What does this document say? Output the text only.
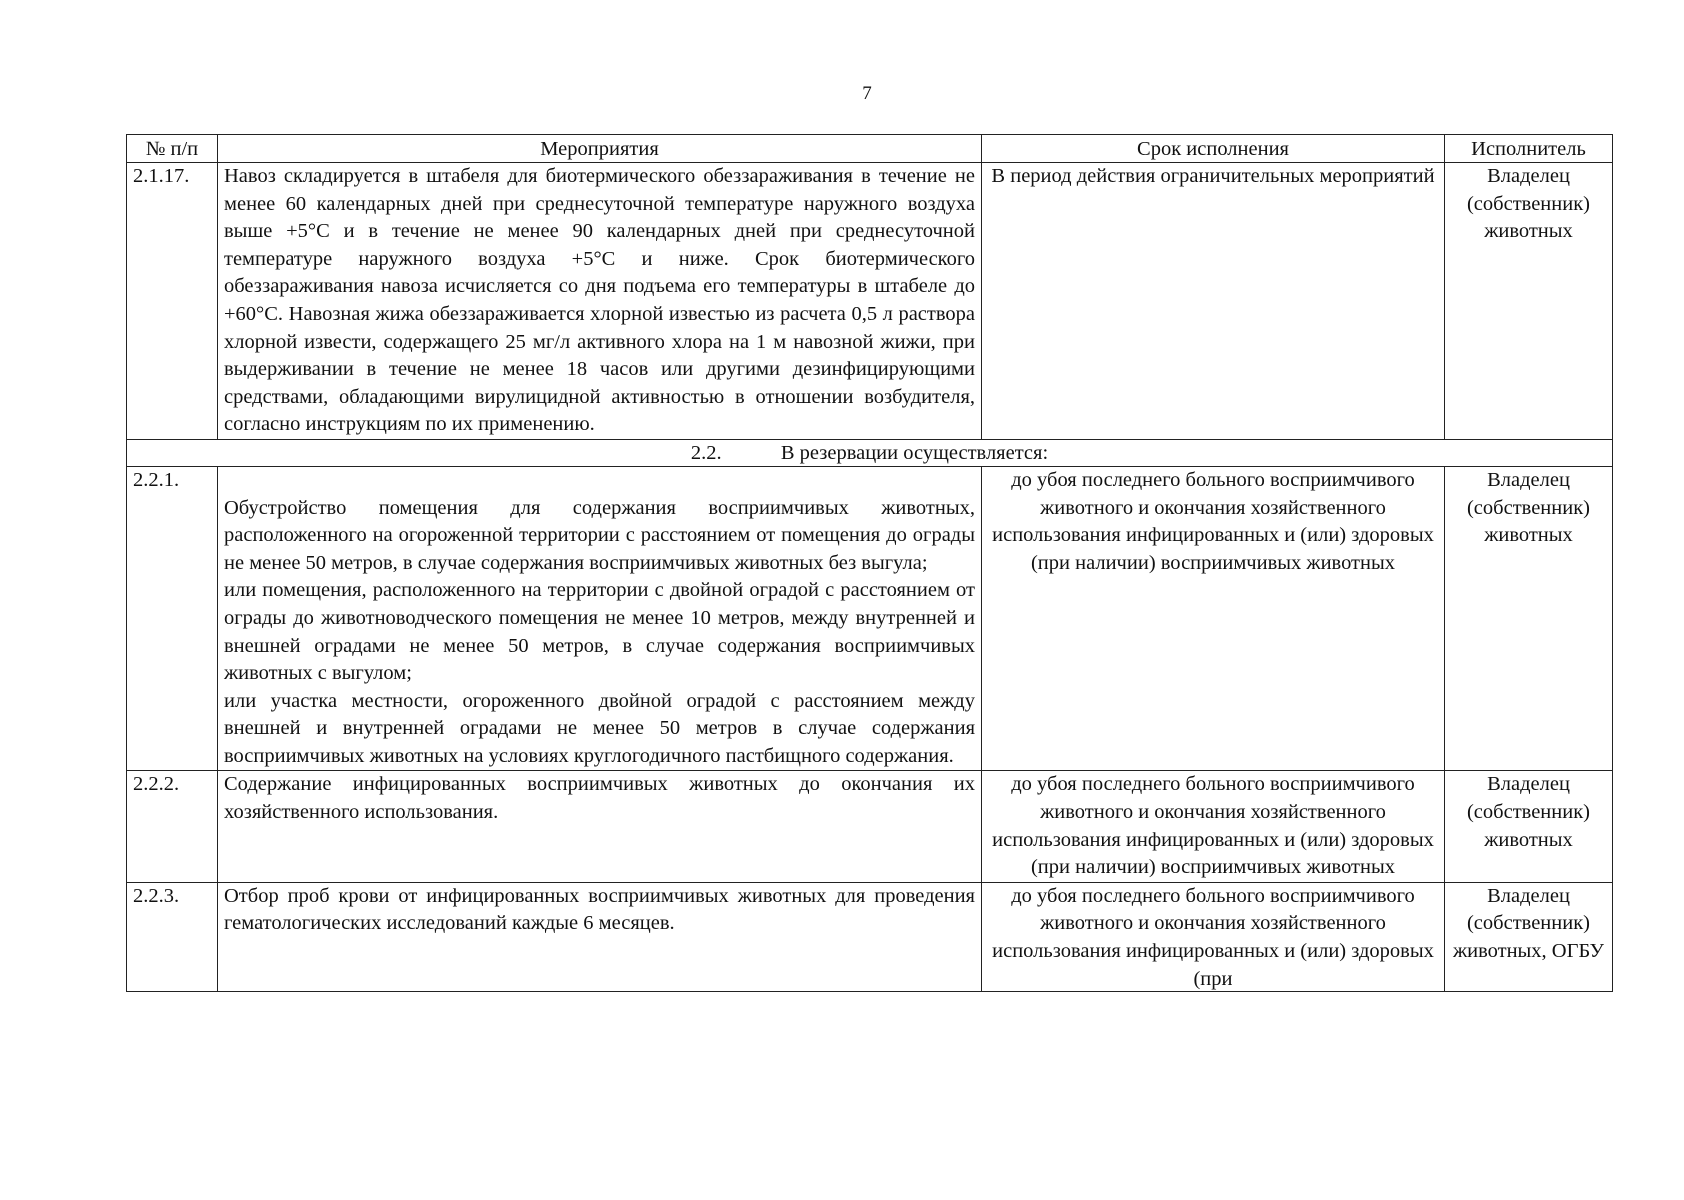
7
№ п/п	Мероприятия	Срок исполнения	Исполнитель
2.1.17.	Навоз складируется в штабеля для биотермического обеззараживания в течение не менее 60 календарных дней при среднесуточной температуре наружного воздуха выше +5°С и в течение не менее 90 календарных дней при среднесуточной температуре наружного воздуха +5°С и ниже. Срок биотермического обеззараживания навоза исчисляется со дня подъема его температуры в штабеле до +60°С. Навозная жижа обеззараживается хлорной известью из расчета 0,5 л раствора хлорной извести, содержащего 25 мг/л активного хлора на 1 м навозной жижи, при выдерживании в течение не менее 18 часов или другими дезинфицирующими средствами, обладающими вирулицидной активностью в отношении возбудителя, согласно инструкциям по их применению.	В период действия ограничительных мероприятий	Владелец (собственник) животных
2.2. В резервации осуществляется:			
2.2.1.	Обустройство помещения для содержания восприимчивых животных, расположенного на огороженной территории с расстоянием от помещения до ограды не менее 50 метров, в случае содержания восприимчивых животных без выгула;

или помещения, расположенного на территории с двойной оградой с расстоянием от ограды до животноводческого помещения не менее 10 метров, между внутренней и внешней оградами не менее 50 метров, в случае содержания восприимчивых животных с выгулом;

или участка местности, огороженного двойной оградой с расстоянием между внешней и внутренней оградами не менее 50 метров в случае содержания восприимчивых животных на условиях круглогодичного пастбищного содержания.	до убоя последнего больного восприимчивого животного и окончания хозяйственного использования инфицированных и (или) здоровых (при наличии) восприимчивых животных	Владелец (собственник) животных
2.2.2.	Содержание инфицированных восприимчивых животных до окончания их хозяйственного использования.	до убоя последнего больного восприимчивого животного и окончания хозяйственного использования инфицированных и (или) здоровых (при наличии) восприимчивых животных	Владелец (собственник) животных
2.2.3.	Отбор проб крови от инфицированных восприимчивых животных для проведения гематологических исследований каждые 6 месяцев.	до убоя последнего больного восприимчивого животного и окончания хозяйственного использования инфицированных и (или) здоровых (при	Владелец (собственник) животных, ОГБУ
